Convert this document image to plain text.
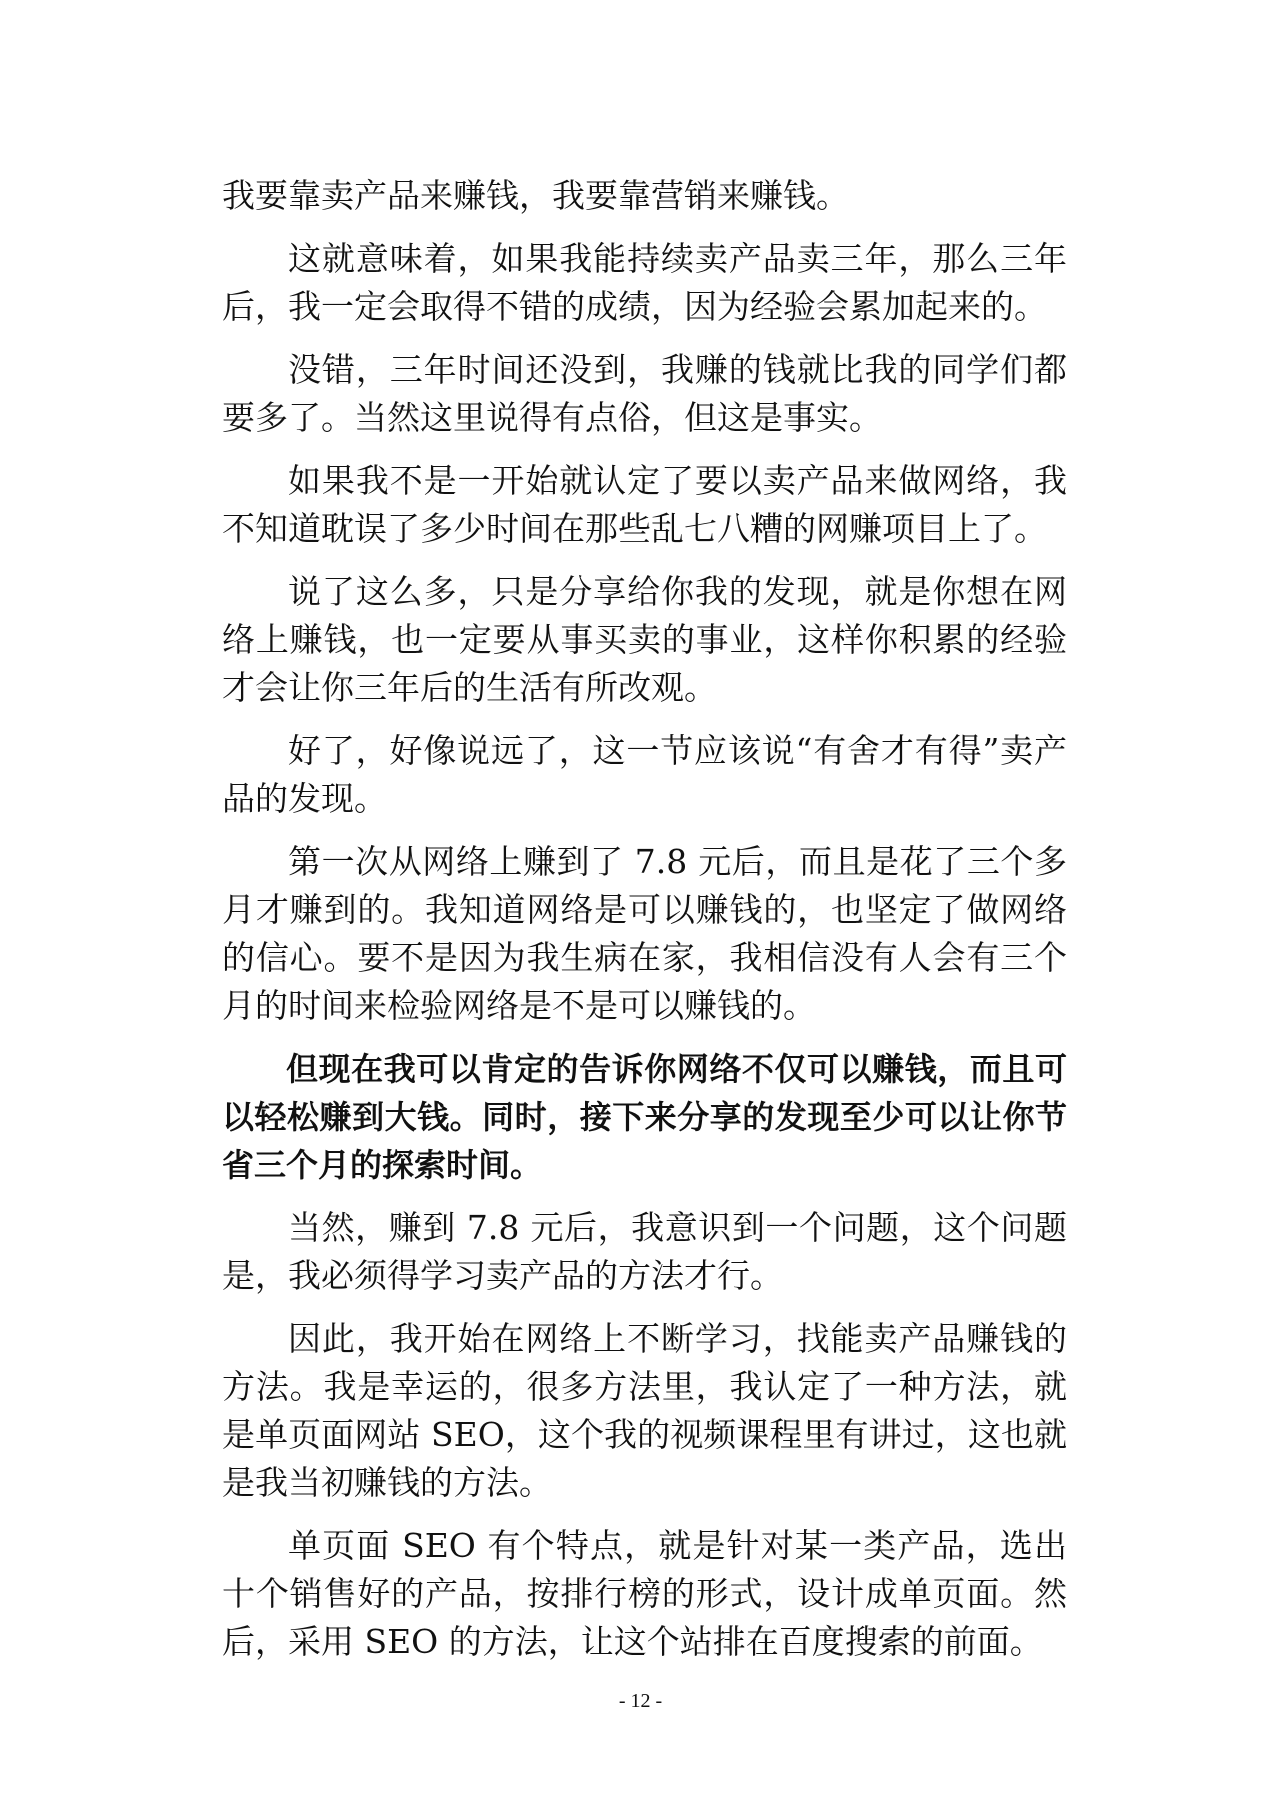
我要靠卖产品来赚钱，我要靠营销来赚钱。

这就意味着，如果我能持续卖产品卖三年，那么三年后，我一定会取得不错的成绩，因为经验会累加起来的。

没错，三年时间还没到，我赚的钱就比我的同学们都要多了。当然这里说得有点俗，但这是事实。

如果我不是一开始就认定了要以卖产品来做网络，我不知道耽误了多少时间在那些乱七八糟的网赚项目上了。

说了这么多，只是分享给你我的发现，就是你想在网络上赚钱，也一定要从事买卖的事业，这样你积累的经验才会让你三年后的生活有所改观。

好了，好像说远了，这一节应该说“有舍才有得”卖产品的发现。

第一次从网络上赚到了 7.8 元后，而且是花了三个多月才赚到的。我知道网络是可以赚钱的，也坚定了做网络的信心。要不是因为我生病在家，我相信没有人会有三个月的时间来检验网络是不是可以赚钱的。

但现在我可以肯定的告诉你网络不仅可以赚钱，而且可以轻松赚到大钱。同时，接下来分享的发现至少可以让你节省三个月的探索时间。

当然，赚到 7.8 元后，我意识到一个问题，这个问题是，我必须得学习卖产品的方法才行。

因此，我开始在网络上不断学习，找能卖产品赚钱的方法。我是幸运的，很多方法里，我认定了一种方法，就是单页面网站 SEO，这个我的视频课程里有讲过，这也就是我当初赚钱的方法。

单页面 SEO 有个特点，就是针对某一类产品，选出十个销售好的产品，按排行榜的形式，设计成单页面。然后，采用 SEO 的方法，让这个站排在百度搜索的前面。

- 12 -
